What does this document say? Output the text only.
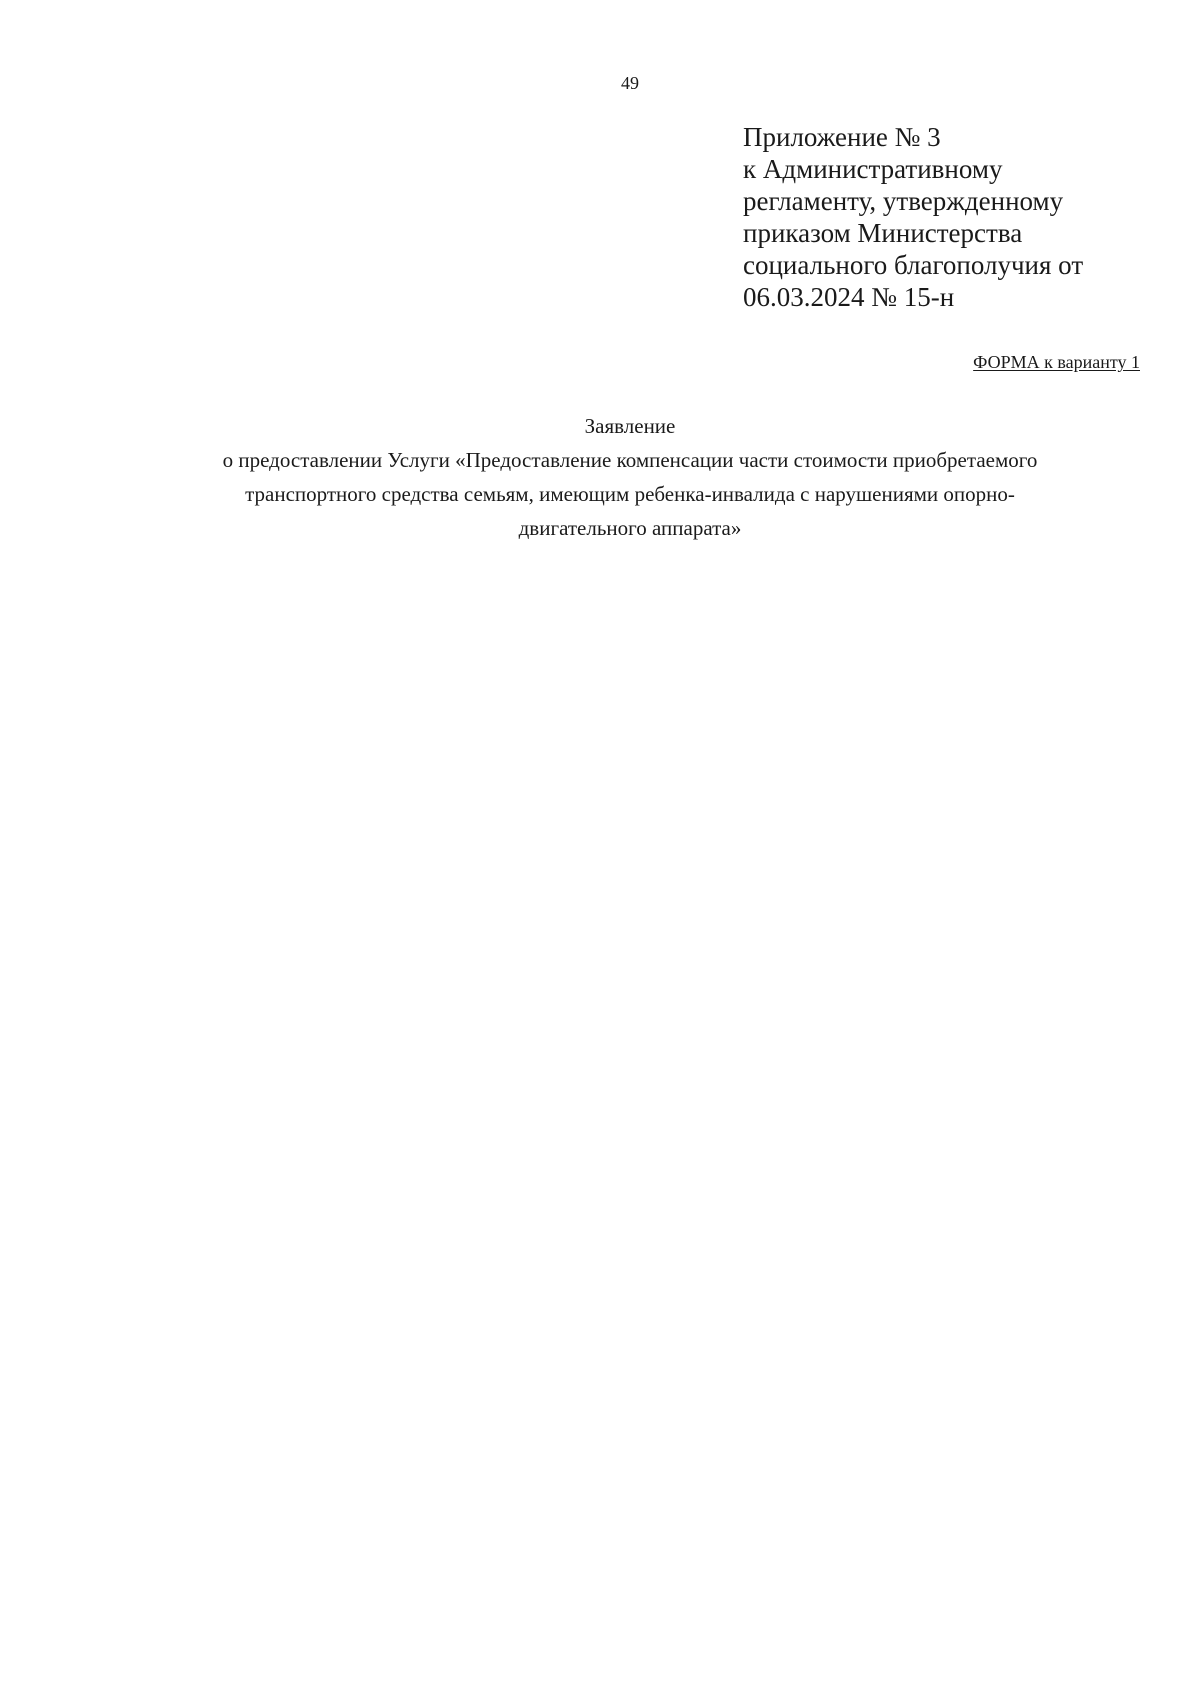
49
Приложение № 3
к Административному
регламенту, утвержденному
приказом Министерства
социального благополучия от
06.03.2024 № 15-н
ФОРМА к варианту 1
Заявление
о предоставлении Услуги «Предоставление компенсации части стоимости приобретаемого
транспортного средства семьям, имеющим ребенка-инвалида с нарушениями опорно-
двигательного аппарата»
